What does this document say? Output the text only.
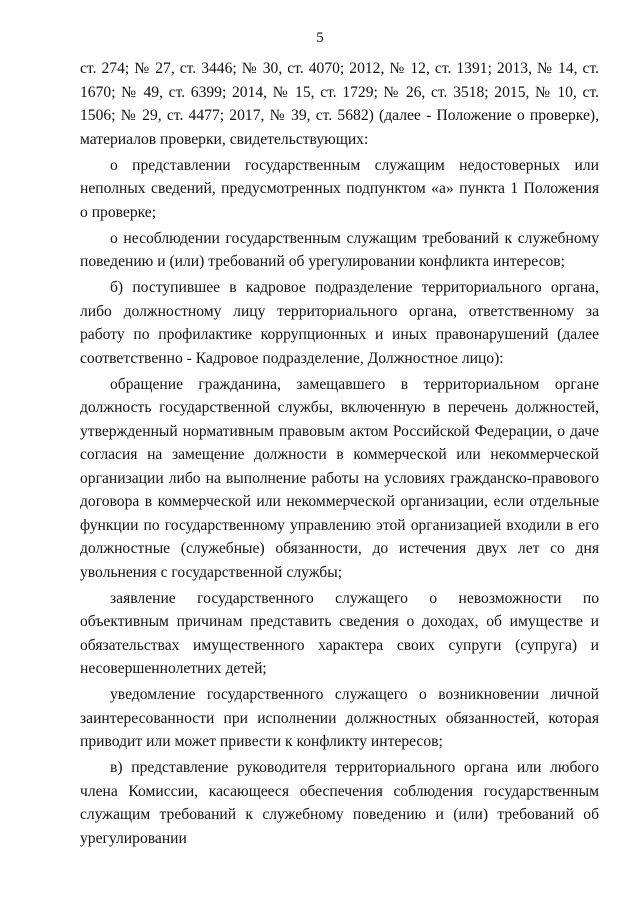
5

ст. 274; № 27, ст. 3446; № 30, ст. 4070; 2012, № 12, ст. 1391; 2013, № 14, ст. 1670; № 49, ст. 6399; 2014, № 15, ст. 1729; № 26, ст. 3518; 2015, № 10, ст. 1506; № 29, ст. 4477; 2017, № 39, ст. 5682) (далее - Положение о проверке), материалов проверки, свидетельствующих:

о представлении государственным служащим недостоверных или неполных сведений, предусмотренных подпунктом «а» пункта 1 Положения о проверке;

о несоблюдении государственным служащим требований к служебному поведению и (или) требований об урегулировании конфликта интересов;

б) поступившее в кадровое подразделение территориального органа, либо должностному лицу территориального органа, ответственному за работу по профилактике коррупционных и иных правонарушений (далее соответственно - Кадровое подразделение, Должностное лицо):

обращение гражданина, замещавшего в территориальном органе должность государственной службы, включенную в перечень должностей, утвержденный нормативным правовым актом Российской Федерации, о даче согласия на замещение должности в коммерческой или некоммерческой организации либо на выполнение работы на условиях гражданско-правового договора в коммерческой или некоммерческой организации, если отдельные функции по государственному управлению этой организацией входили в его должностные (служебные) обязанности, до истечения двух лет со дня увольнения с государственной службы;

заявление государственного служащего о невозможности по объективным причинам представить сведения о доходах, об имуществе и обязательствах имущественного характера своих супруги (супруга) и несовершеннолетних детей;

уведомление государственного служащего о возникновении личной заинтересованности при исполнении должностных обязанностей, которая приводит или может привести к конфликту интересов;

в) представление руководителя территориального органа или любого члена Комиссии, касающееся обеспечения соблюдения государственным служащим требований к служебному поведению и (или) требований об урегулировании
